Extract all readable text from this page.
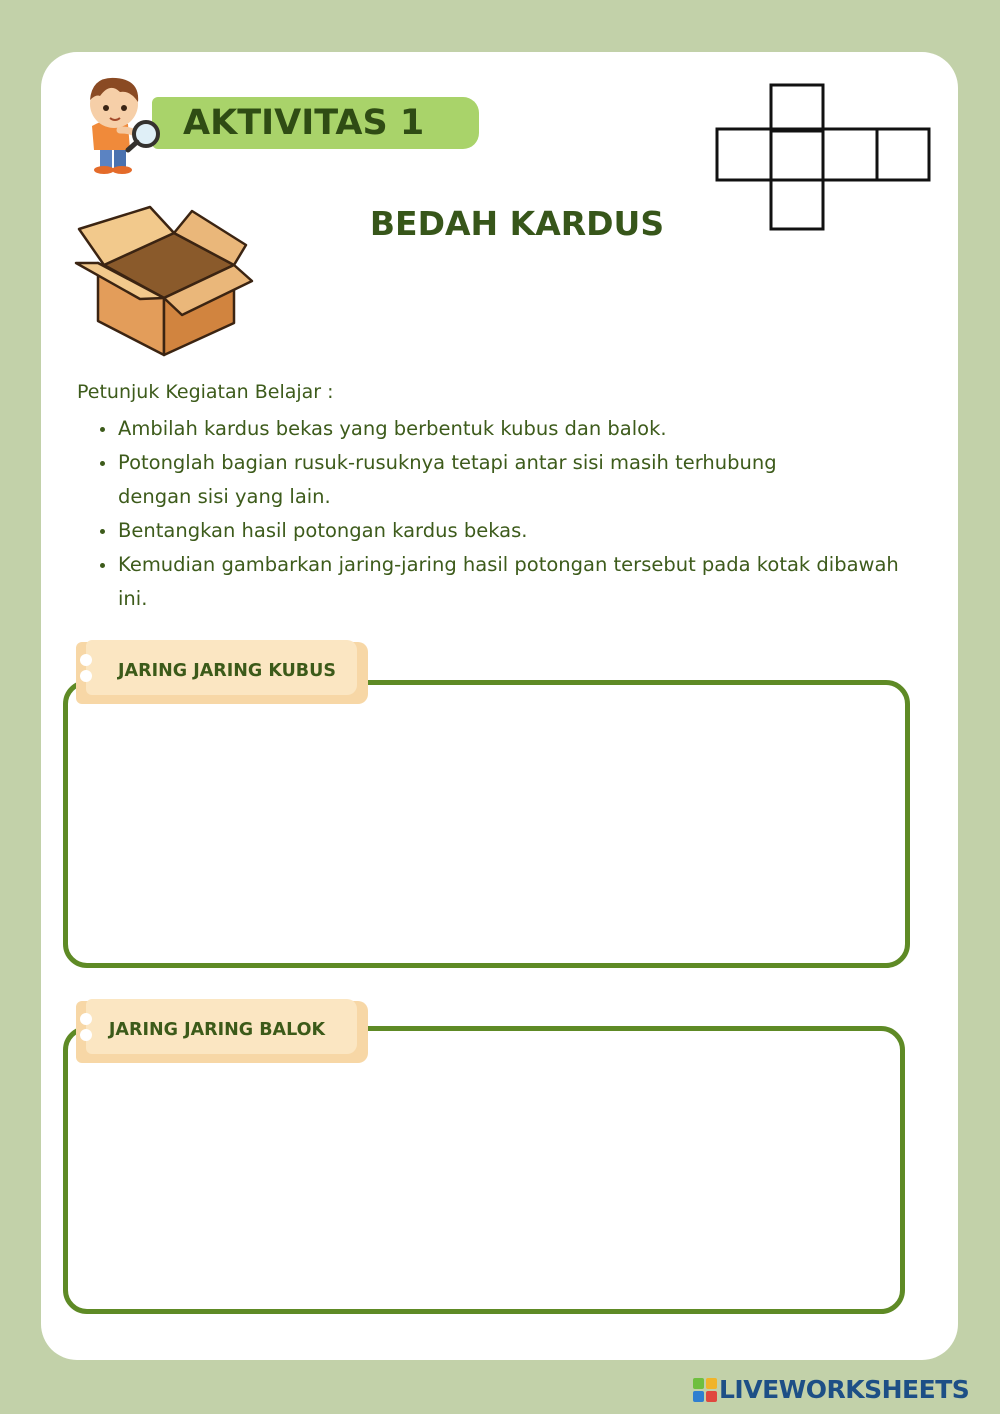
AKTIVITAS 1
BEDAH KARDUS
Petunjuk Kegiatan Belajar :
Ambilah kardus bekas yang berbentuk kubus dan balok.
Potonglah bagian rusuk-rusuknya tetapi antar sisi masih terhubung dengan sisi yang lain.
Bentangkan hasil potongan kardus bekas.
Kemudian gambarkan jaring-jaring hasil potongan tersebut pada kotak dibawah ini.
JARING JARING KUBUS
JARING JARING BALOK
LIVEWORKSHEETS
